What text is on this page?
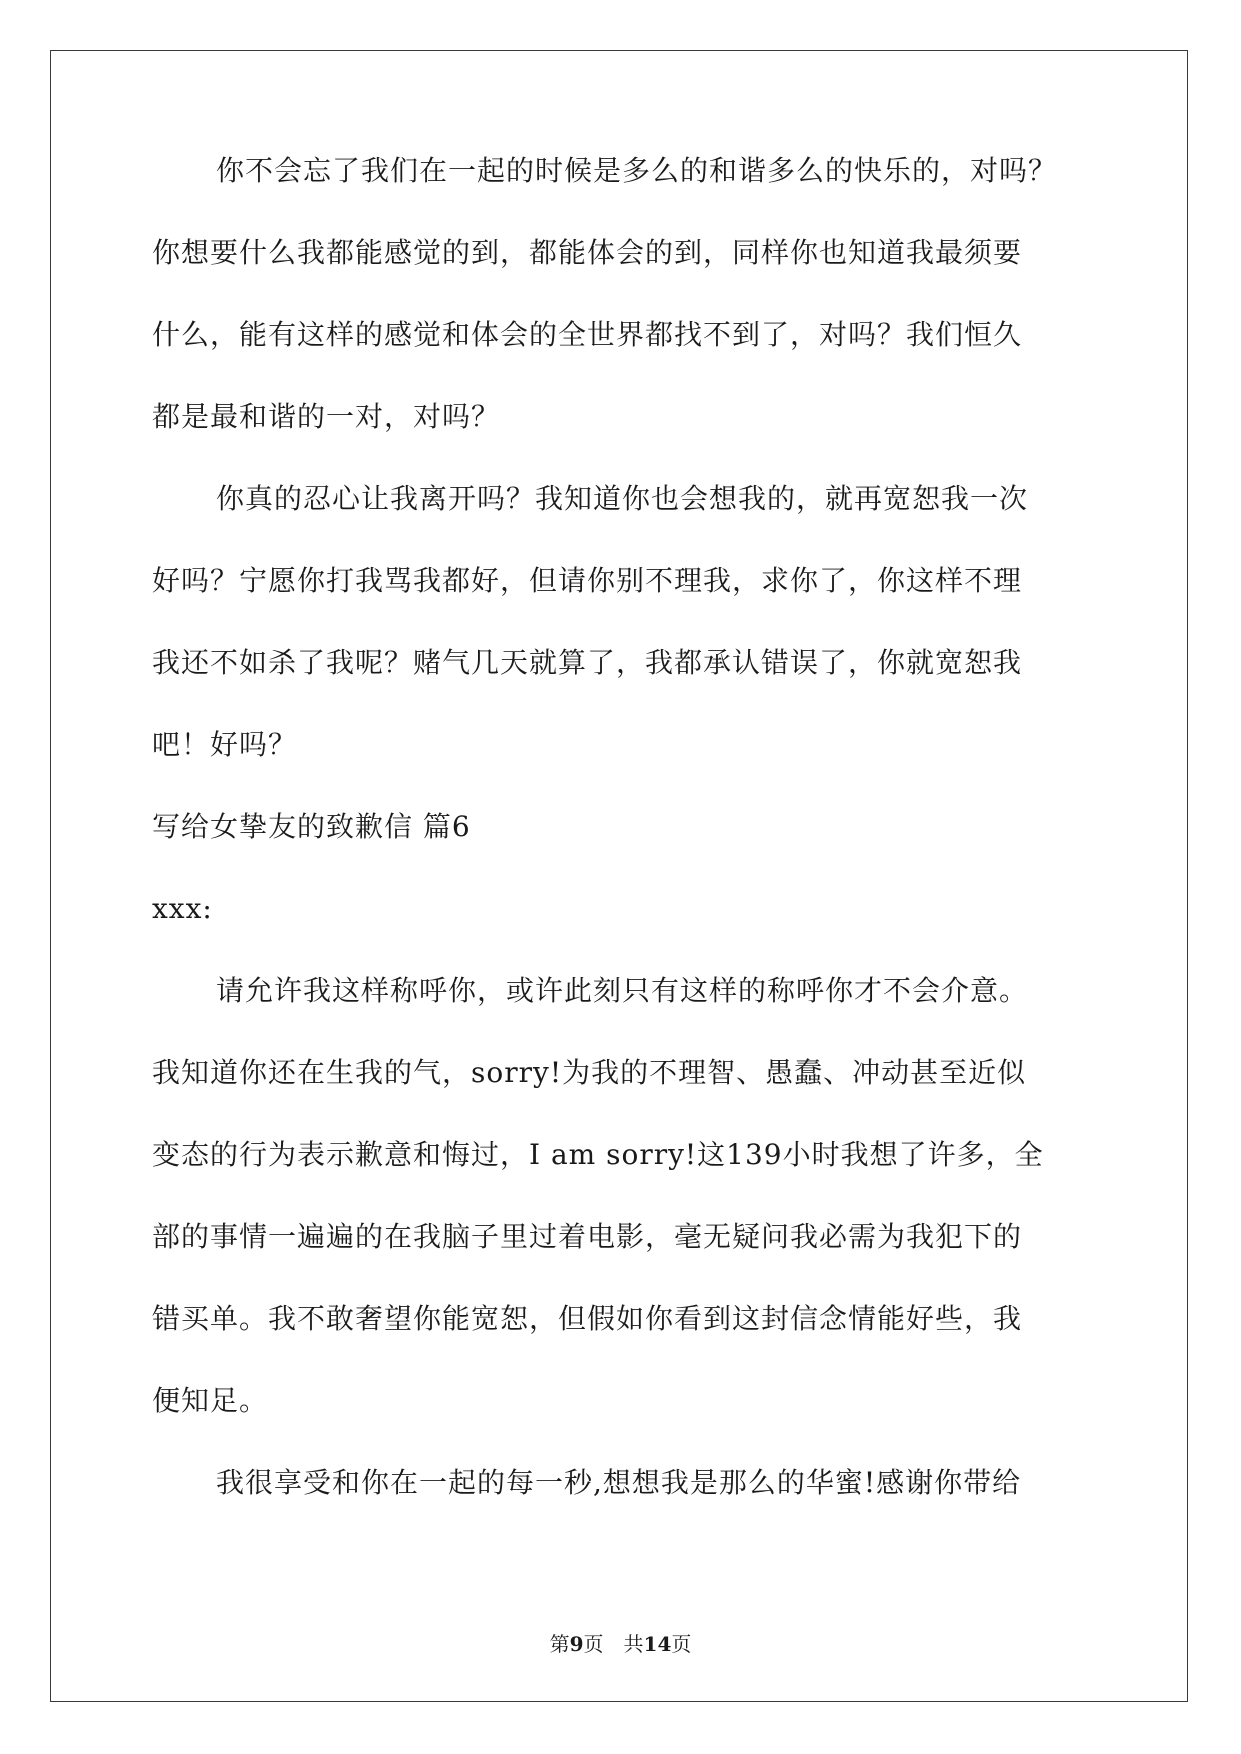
你不会忘了我们在一起的时候是多么的和谐多么的快乐的，对吗？
你想要什么我都能感觉的到，都能体会的到，同样你也知道我最须要
什么，能有这样的感觉和体会的全世界都找不到了，对吗？我们恒久
都是最和谐的一对，对吗？
你真的忍心让我离开吗？我知道你也会想我的，就再宽恕我一次
好吗？宁愿你打我骂我都好，但请你别不理我，求你了，你这样不理
我还不如杀了我呢？赌气几天就算了，我都承认错误了，你就宽恕我
吧！好吗？
写给女挚友的致歉信 篇6
xxx:
请允许我这样称呼你，或许此刻只有这样的称呼你才不会介意。
我知道你还在生我的气，sorry!为我的不理智、愚蠢、冲动甚至近似
变态的行为表示歉意和悔过，I am sorry!这139小时我想了许多，全
部的事情一遍遍的在我脑子里过着电影，毫无疑问我必需为我犯下的
错买单。我不敢奢望你能宽恕，但假如你看到这封信念情能好些，我
便知足。
我很享受和你在一起的每一秒,想想我是那么的华蜜!感谢你带给
第9页 共14页
